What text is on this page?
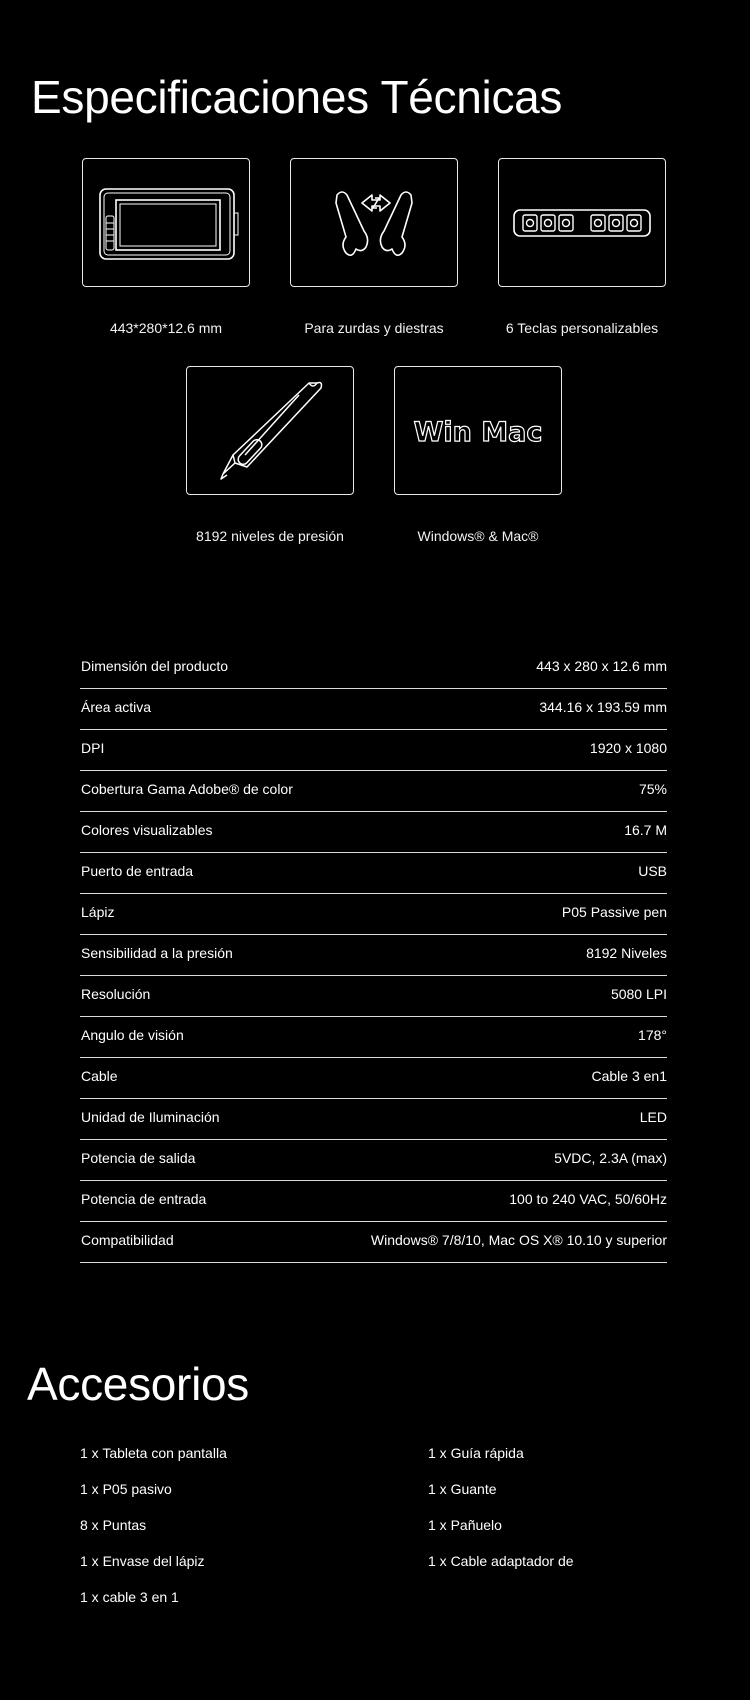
Especificaciones Técnicas
443*280*12.6 mm	Para zurdas y diestras	6 Teclas personalizables
8192 niveles de presión
Win Mac
Windows® & Mac®
Dimensión del producto	443 x 280 x 12.6 mm
Área activa	344.16 x 193.59 mm
DPI	1920 x 1080
Cobertura Gama Adobe® de color	75%
Colores visualizables	16.7 M
Puerto de entrada	USB
Lápiz	P05 Passive pen
Sensibilidad a la presión	8192 Niveles
Resolución	5080 LPI
Angulo de visión	178°
Cable	Cable 3 en1
Unidad de Iluminación	LED
Potencia de salida	5VDC, 2.3A (max)
Potencia de entrada	100 to 240 VAC, 50/60Hz
Compatibilidad	Windows® 7/8/10, Mac OS X® 10.10 y superior
Accesorios
1 x Tableta con pantalla
1 x P05 pasivo
8 x Puntas
1 x Envase del lápiz
1 x cable 3 en 1
1 x Guía rápida
1 x Guante
1 x Pañuelo
1 x Cable adaptador de
